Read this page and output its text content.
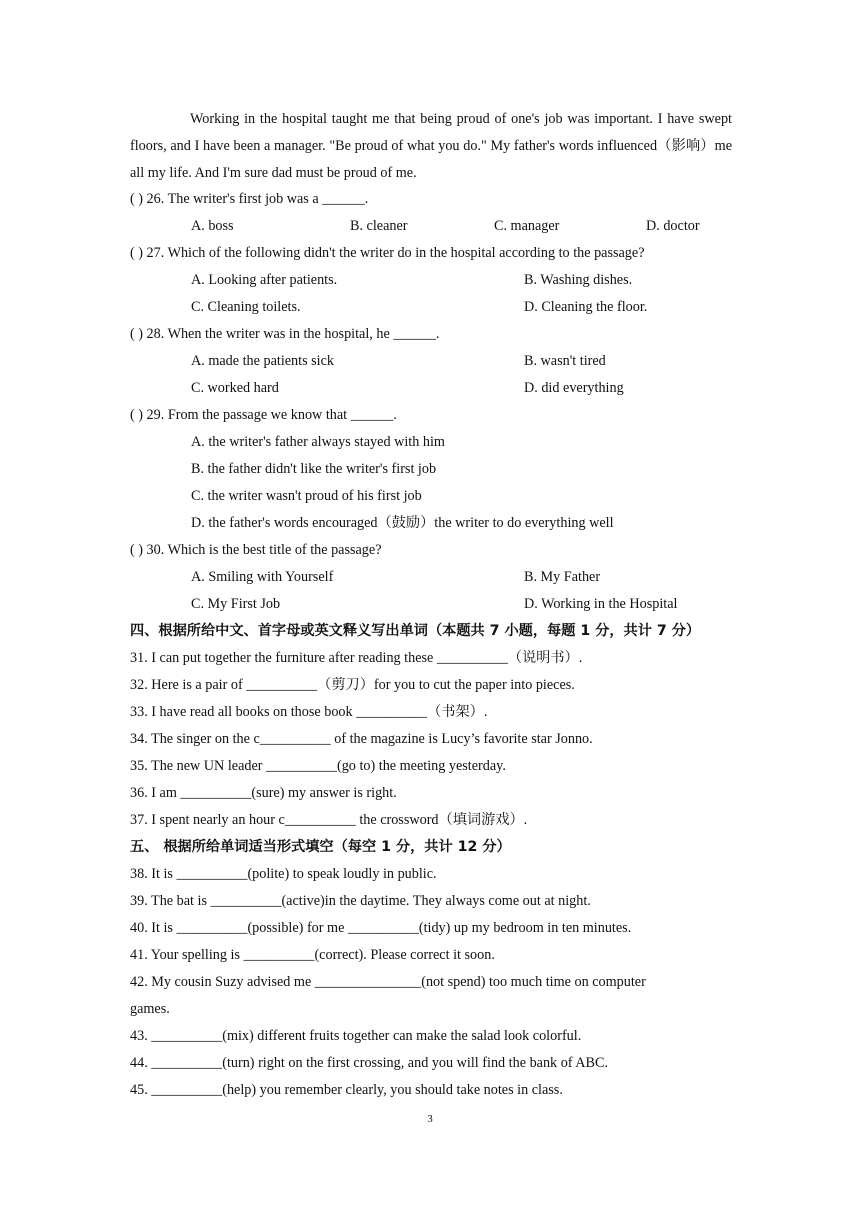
Working in the hospital taught me that being proud of one's job was important. I have swept floors, and I have been a manager. "Be proud of what you do." My father's words influenced（影响）me all my life. And I'm sure dad must be proud of me.
( ) 26. The writer's first job was a ______.
A. boss	B. cleaner	C. manager	D. doctor
( ) 27. Which of the following didn't the writer do in the hospital according to the passage?
A. Looking after patients.	B. Washing dishes.
C. Cleaning toilets.	D. Cleaning the floor.
( ) 28. When the writer was in the hospital, he ______.
A. made the patients sick	B. wasn't tired
C. worked hard	D. did everything
( ) 29. From the passage we know that ______.
A. the writer's father always stayed with him
B. the father didn't like the writer's first job
C. the writer wasn't proud of his first job
D. the father's words encouraged（鼓励）the writer to do everything well
( ) 30. Which is the best title of the passage?
A. Smiling with Yourself	B. My Father
C. My First Job	D. Working in the Hospital
四、根据所给中文、首字母或英文释义写出单词（本题共 7 小题，每题 1 分，共计 7 分）
31. I can put together the furniture after reading these __________（说明书）.
32. Here is a pair of __________（剪刀）for you to cut the paper into pieces.
33. I have read all books on those book __________（书架）.
34. The singer on the c__________ of the magazine is Lucy’s favorite star Jonno.
35. The new UN leader __________(go to) the meeting yesterday.
36. I am __________(sure) my answer is right.
37. I spent nearly an hour c__________ the crossword（填词游戏）.
五、 根据所给单词适当形式填空（每空 1 分，共计 12 分）
38. It is __________(polite) to speak loudly in public.
39. The bat is __________(active)in the daytime. They always come out at night.
40. It is __________(possible) for me __________(tidy) up my bedroom in ten minutes.
41. Your spelling is __________(correct). Please correct it soon.
42. My cousin Suzy advised me _______________(not spend) too much time on computer
games.
43. __________(mix) different fruits together can make the salad look colorful.
44. __________(turn) right on the first crossing, and you will find the bank of ABC.
45. __________(help) you remember clearly, you should take notes in class.
3
